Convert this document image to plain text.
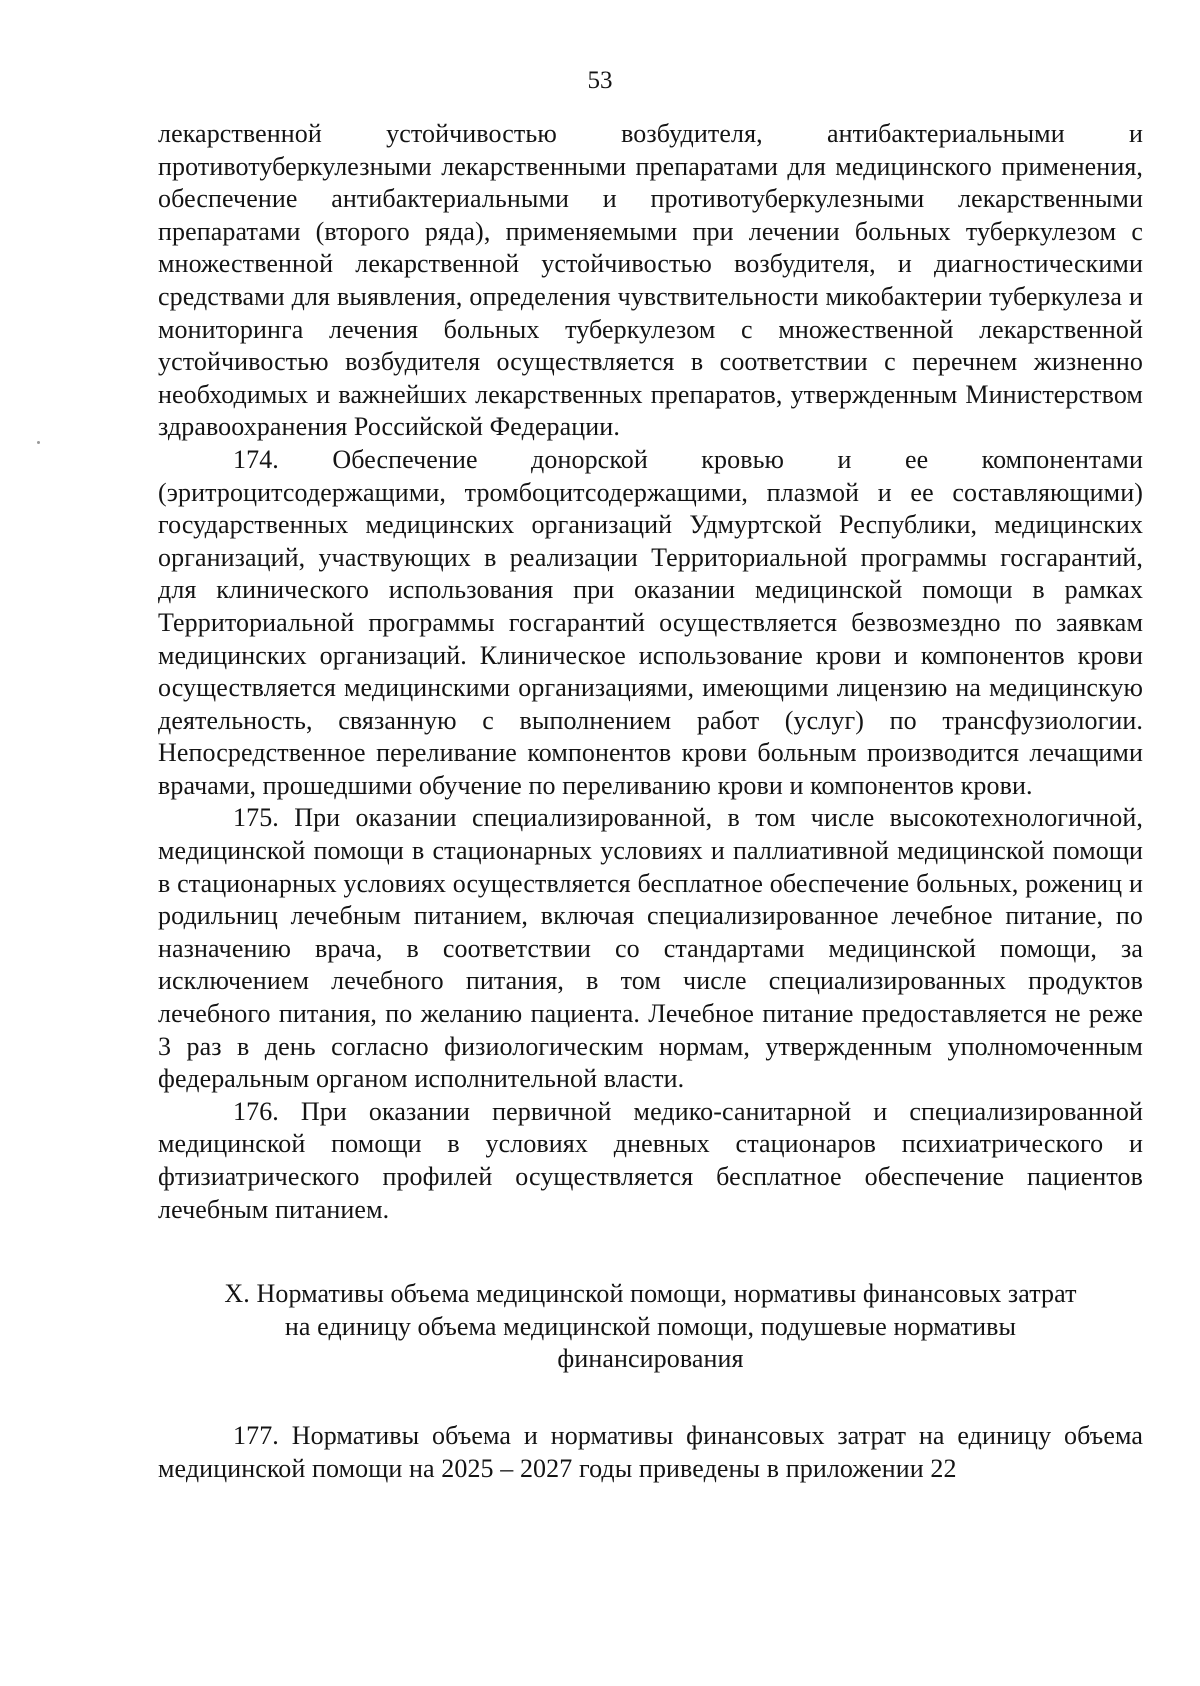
53

лекарственной устойчивостью возбудителя, антибактериальными и противотуберкулезными лекарственными препаратами для медицинского применения, обеспечение антибактериальными и противотуберкулезными лекарственными препаратами (второго ряда), применяемыми при лечении больных туберкулезом с множественной лекарственной устойчивостью возбудителя, и диагностическими средствами для выявления, определения чувствительности микобактерии туберкулеза и мониторинга лечения больных туберкулезом с множественной лекарственной устойчивостью возбудителя осуществляется в соответствии с перечнем жизненно необходимых и важнейших лекарственных препаратов, утвержденным Министерством здравоохранения Российской Федерации.

174. Обеспечение донорской кровью и ее компонентами (эритроцитсодержащими, тромбоцитсодержащими, плазмой и ее составляющими) государственных медицинских организаций Удмуртской Республики, медицинских организаций, участвующих в реализации Территориальной программы госгарантий, для клинического использования при оказании медицинской помощи в рамках Территориальной программы госгарантий осуществляется безвозмездно по заявкам медицинских организаций. Клиническое использование крови и компонентов крови осуществляется медицинскими организациями, имеющими лицензию на медицинскую деятельность, связанную с выполнением работ (услуг) по трансфузиологии. Непосредственное переливание компонентов крови больным производится лечащими врачами, прошедшими обучение по переливанию крови и компонентов крови.

175. При оказании специализированной, в том числе высокотехнологичной, медицинской помощи в стационарных условиях и паллиативной медицинской помощи в стационарных условиях осуществляется бесплатное обеспечение больных, рожениц и родильниц лечебным питанием, включая специализированное лечебное питание, по назначению врача, в соответствии со стандартами медицинской помощи, за исключением лечебного питания, в том числе специализированных продуктов лечебного питания, по желанию пациента. Лечебное питание предоставляется не реже 3 раз в день согласно физиологическим нормам, утвержденным уполномоченным федеральным органом исполнительной власти.

176. При оказании первичной медико-санитарной и специализированной медицинской помощи в условиях дневных стационаров психиатрического и фтизиатрического профилей осуществляется бесплатное обеспечение пациентов лечебным питанием.

X. Нормативы объема медицинской помощи, нормативы финансовых затрат

на единицу объема медицинской помощи, подушевые нормативы

финансирования

177. Нормативы объема и нормативы финансовых затрат на единицу объема медицинской помощи на 2025 – 2027 годы приведены в приложении 22
